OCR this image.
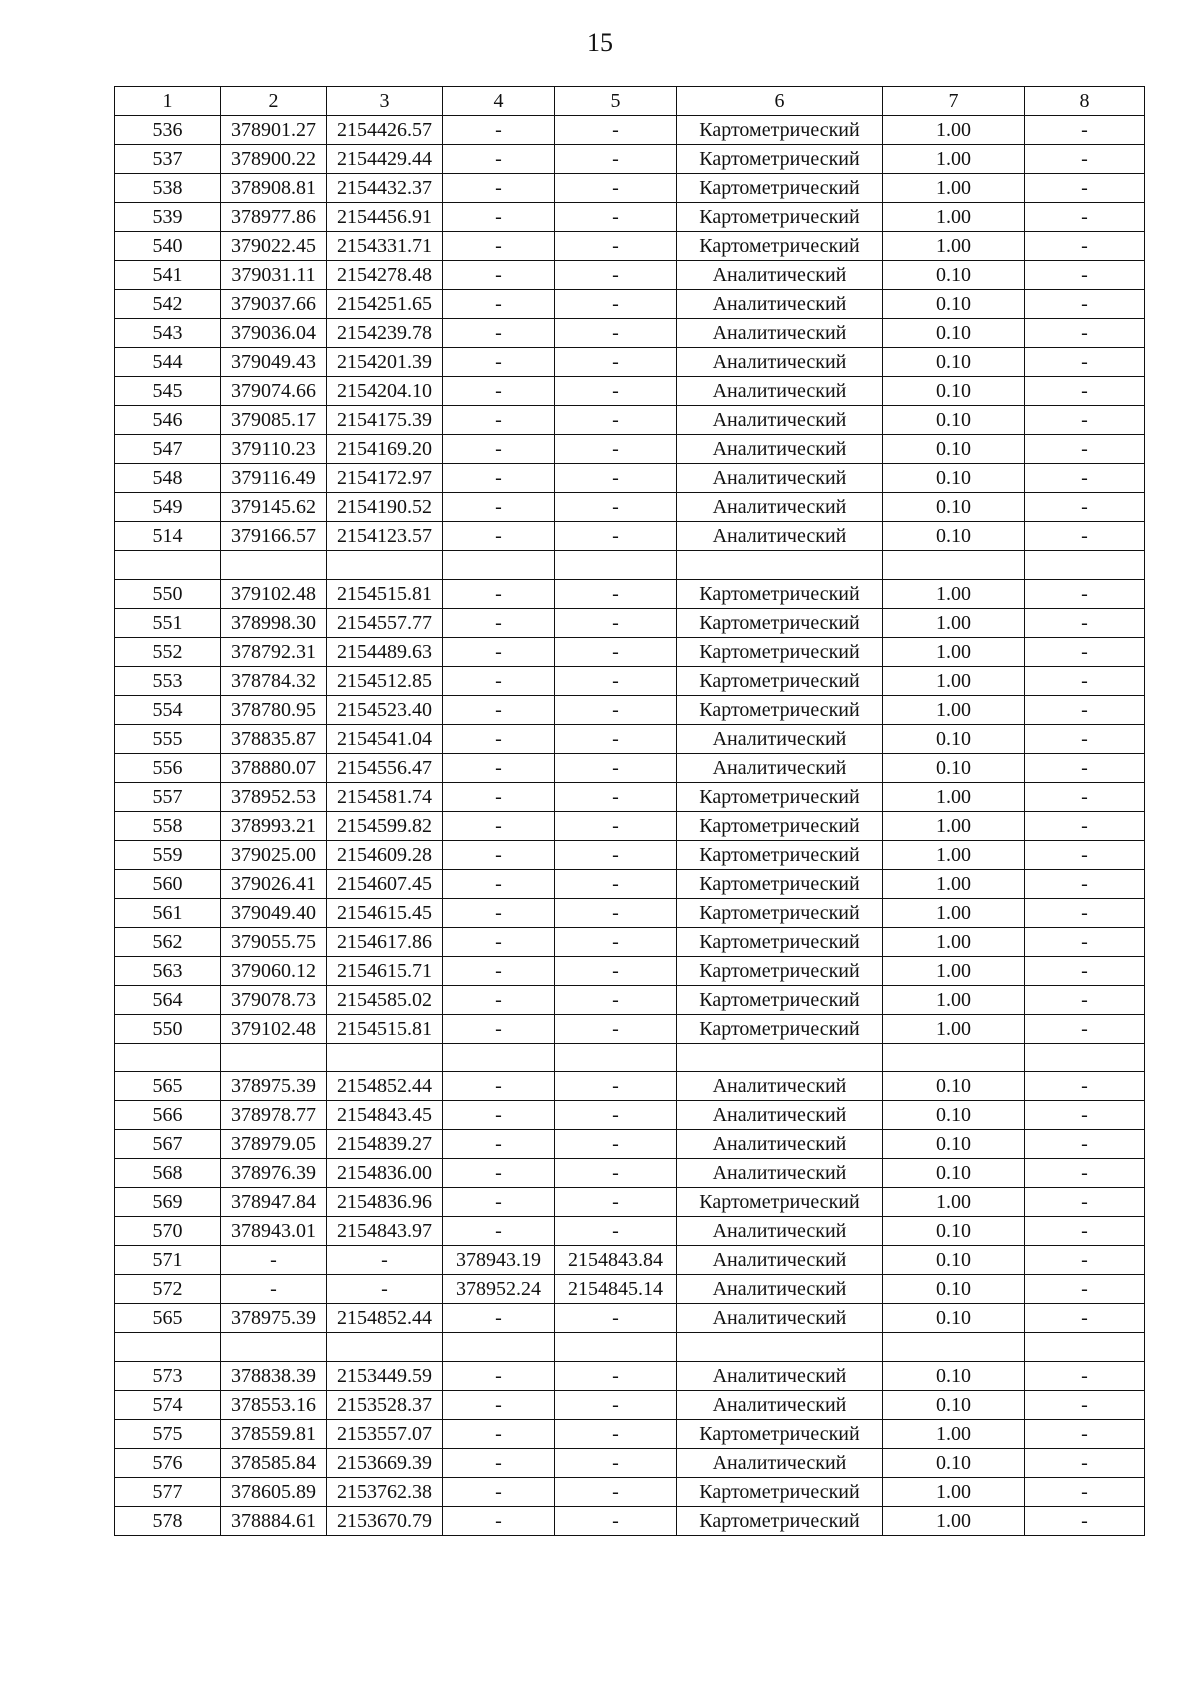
15
1	2	3	4	5	6	7	8
536	378901.27	2154426.57	-	-	Картометрический	1.00	-
537	378900.22	2154429.44	-	-	Картометрический	1.00	-
538	378908.81	2154432.37	-	-	Картометрический	1.00	-
539	378977.86	2154456.91	-	-	Картометрический	1.00	-
540	379022.45	2154331.71	-	-	Картометрический	1.00	-
541	379031.11	2154278.48	-	-	Аналитический	0.10	-
542	379037.66	2154251.65	-	-	Аналитический	0.10	-
543	379036.04	2154239.78	-	-	Аналитический	0.10	-
544	379049.43	2154201.39	-	-	Аналитический	0.10	-
545	379074.66	2154204.10	-	-	Аналитический	0.10	-
546	379085.17	2154175.39	-	-	Аналитический	0.10	-
547	379110.23	2154169.20	-	-	Аналитический	0.10	-
548	379116.49	2154172.97	-	-	Аналитический	0.10	-
549	379145.62	2154190.52	-	-	Аналитический	0.10	-
514	379166.57	2154123.57	-	-	Аналитический	0.10	-

550	379102.48	2154515.81	-	-	Картометрический	1.00	-
551	378998.30	2154557.77	-	-	Картометрический	1.00	-
552	378792.31	2154489.63	-	-	Картометрический	1.00	-
553	378784.32	2154512.85	-	-	Картометрический	1.00	-
554	378780.95	2154523.40	-	-	Картометрический	1.00	-
555	378835.87	2154541.04	-	-	Аналитический	0.10	-
556	378880.07	2154556.47	-	-	Аналитический	0.10	-
557	378952.53	2154581.74	-	-	Картометрический	1.00	-
558	378993.21	2154599.82	-	-	Картометрический	1.00	-
559	379025.00	2154609.28	-	-	Картометрический	1.00	-
560	379026.41	2154607.45	-	-	Картометрический	1.00	-
561	379049.40	2154615.45	-	-	Картометрический	1.00	-
562	379055.75	2154617.86	-	-	Картометрический	1.00	-
563	379060.12	2154615.71	-	-	Картометрический	1.00	-
564	379078.73	2154585.02	-	-	Картометрический	1.00	-
550	379102.48	2154515.81	-	-	Картометрический	1.00	-

565	378975.39	2154852.44	-	-	Аналитический	0.10	-
566	378978.77	2154843.45	-	-	Аналитический	0.10	-
567	378979.05	2154839.27	-	-	Аналитический	0.10	-
568	378976.39	2154836.00	-	-	Аналитический	0.10	-
569	378947.84	2154836.96	-	-	Картометрический	1.00	-
570	378943.01	2154843.97	-	-	Аналитический	0.10	-
571	-	-	378943.19	2154843.84	Аналитический	0.10	-
572	-	-	378952.24	2154845.14	Аналитический	0.10	-
565	378975.39	2154852.44	-	-	Аналитический	0.10	-

573	378838.39	2153449.59	-	-	Аналитический	0.10	-
574	378553.16	2153528.37	-	-	Аналитический	0.10	-
575	378559.81	2153557.07	-	-	Картометрический	1.00	-
576	378585.84	2153669.39	-	-	Аналитический	0.10	-
577	378605.89	2153762.38	-	-	Картометрический	1.00	-
578	378884.61	2153670.79	-	-	Картометрический	1.00	-
